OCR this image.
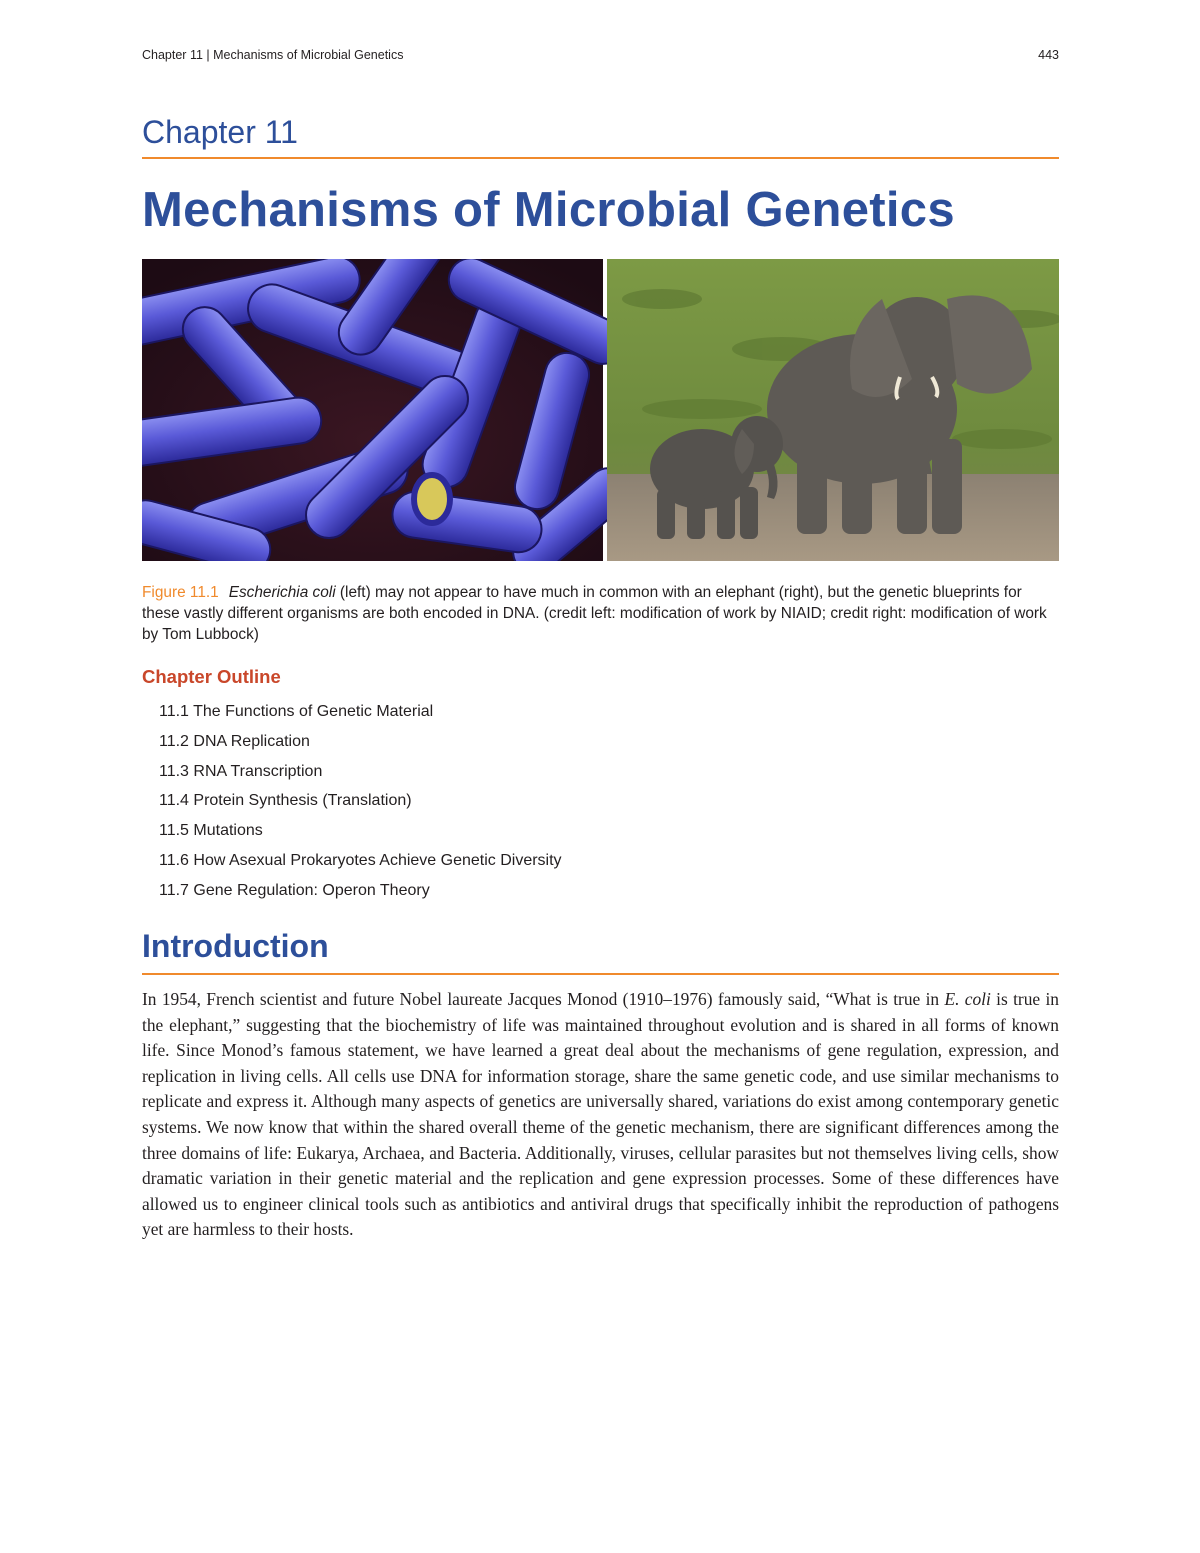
Chapter 11 | Mechanisms of Microbial Genetics	443
Chapter 11
Mechanisms of Microbial Genetics
Figure 11.1 Escherichia coli (left) may not appear to have much in common with an elephant (right), but the genetic blueprints for these vastly different organisms are both encoded in DNA. (credit left: modification of work by NIAID; credit right: modification of work by Tom Lubbock)
Chapter Outline
11.1 The Functions of Genetic Material
11.2 DNA Replication
11.3 RNA Transcription
11.4 Protein Synthesis (Translation)
11.5 Mutations
11.6 How Asexual Prokaryotes Achieve Genetic Diversity
11.7 Gene Regulation: Operon Theory
Introduction

In 1954, French scientist and future Nobel laureate Jacques Monod (1910–1976) famously said, “What is true in E. coli is true in the elephant,” suggesting that the biochemistry of life was maintained throughout evolution and is shared in all forms of known life. Since Monod’s famous statement, we have learned a great deal about the mechanisms of gene regulation, expression, and replication in living cells. All cells use DNA for information storage, share the same genetic code, and use similar mechanisms to replicate and express it. Although many aspects of genetics are universally shared, variations do exist among contemporary genetic systems. We now know that within the shared overall theme of the genetic mechanism, there are significant differences among the three domains of life: Eukarya, Archaea, and Bacteria. Additionally, viruses, cellular parasites but not themselves living cells, show dramatic variation in their genetic material and the replication and gene expression processes. Some of these differences have allowed us to engineer clinical tools such as antibiotics and antiviral drugs that specifically inhibit the reproduction of pathogens yet are harmless to their hosts.
